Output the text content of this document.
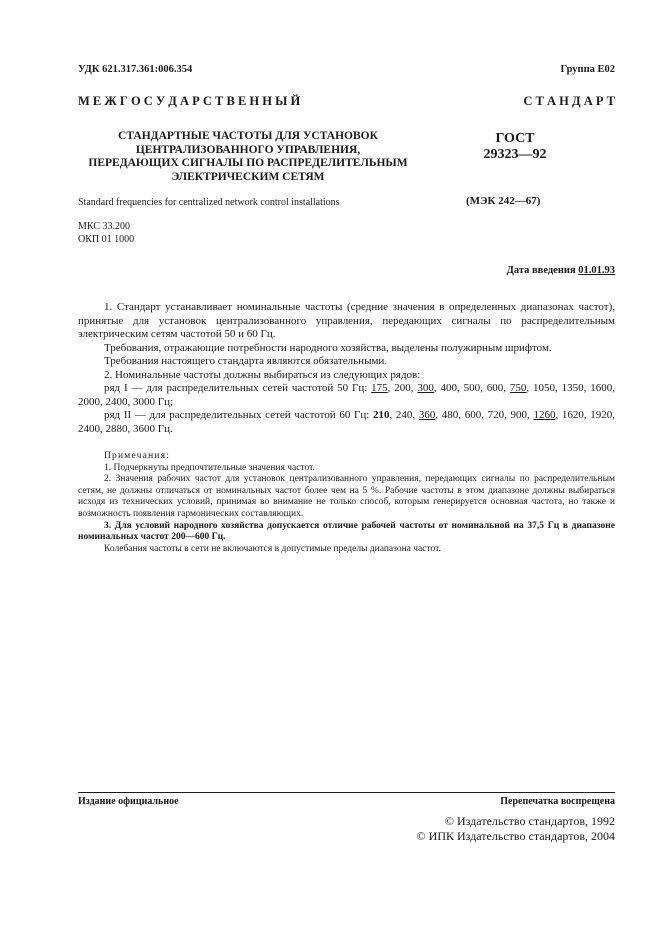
УДК 621.317.361:006.354	Группа Е02
М Е Ж Г О С У Д А Р С Т В Е Н Н Ы Й	С Т А Н Д А Р Т
СТАНДАРТНЫЕ ЧАСТОТЫ ДЛЯ УСТАНОВОК
ЦЕНТРАЛИЗОВАННОГО УПРАВЛЕНИЯ,
ПЕРЕДАЮЩИХ СИГНАЛЫ ПО РАСПРЕДЕЛИТЕЛЬНЫМ
ЭЛЕКТРИЧЕСКИМ СЕТЯМ
ГОСТ
29323—92
Standard frequencies for centralized network control installations	(МЭК 242—67)
МКС 33.200
ОКП 01 1000
Дата введения 01.01.93

1. Стандарт устанавливает номинальные частоты (средние значения в определенных диапазонах частот), принятые для установок централизованного управления, передающих сигналы по распределительным электрическим сетям частотой 50 и 60 Гц.

Требования, отражающие потребности народного хозяйства, выделены полужирным шрифтом.

Требования настоящего стандарта являются обязательными.

2. Номинальные частоты должны выбираться из следующих рядов:

ряд I — для распределительных сетей частотой 50 Гц: 175, 200, 300, 400, 500, 600, 750, 1050, 1350, 1600, 2000, 2400, 3000 Гц;

ряд II — для распределительных сетей частотой 60 Гц: 210, 240, 360, 480, 600, 720, 900, 1260, 1620, 1920, 2400, 2880, 3600 Гц.

Примечания:

1. Подчеркнуты предпочтительные значения частот.

2. Значения рабочих частот для установок централизованного управления, передающих сигналы по распределительным сетям, не должны отличаться от номинальных частот более чем на 5 %. Рабочие частоты в этом диапазоне должны выбираться исходя из технических условий, принимая во внимание не только способ, которым генерируется основная частота, но также и возможность появления гармонических составляющих.

3. Для условий народного хозяйства допускается отличие рабочей частоты от номинальной на 37,5 Гц в диапазоне номинальных частот 200—600 Гц.

Колебания частоты в сети не включаются в допустимые пределы диапазона частот.

Издание официальное	Перепечатка воспрещена
© Издательство стандартов, 1992
© ИПК Издательство стандартов, 2004
